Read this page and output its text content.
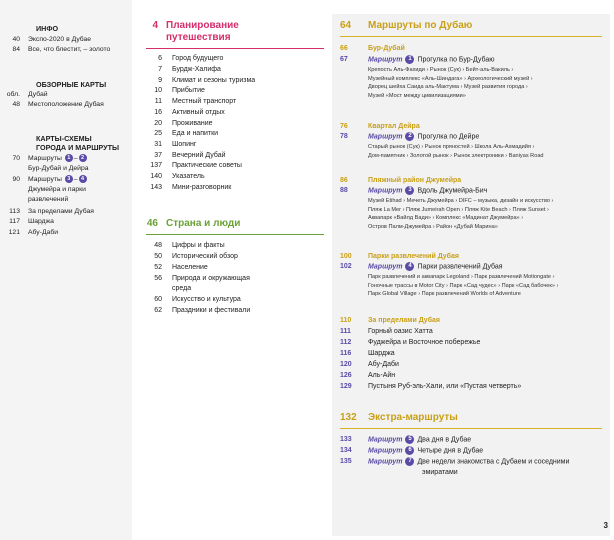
ИНФО
40	Экспо-2020 в Дубае
84	Все, что блестит, – золото
ОБЗОРНЫЕ КАРТЫ
обл.	Дубай
48	Местоположение Дубая
КАРТЫ-СХЕМЫ
ГОРОДА И МАРШРУТЫ
70	Маршруты 1 – 2
Бур-Дубай и Дейра
90	Маршруты 3 – 4
Джумейра и парки
развлечений
113	За пределами Дубая
117	Шарджа
121	Абу-Даби
4 Планирование
путешествия
6	Город будущего
7	Бурдж-Халифа
9	Климат и сезоны туризма
10	Прибытие
11	Местный транспорт
16	Активный отдых
20	Проживание
25	Еда и напитки
31	Шопинг
37	Вечерний Дубай
137	Практические советы
140	Указатель
143	Мини-разговорник
46 Страна и люди
48	Цифры и факты
50	Исторический обзор
52	Население
56	Природа и окружающая
среда
60	Искусство и культура
62	Праздники и фестивали
64	Маршруты по Дубаю
66	Бур-Дубай
67	Маршрут 1 Прогулка по Бур-Дубаю
Крепость Аль-Фахиди › Рынок (Сук) › Бейт-аль-Вакиль ›
Музейный комплекс «Аль-Шиндага» › Археологический музей ›
Дворец шейха Саида аль-Мактума › Музей развития города ›
Музей «Мост между цивилизациями»
76	Квартал Дейра
78	Маршрут 2 Прогулка по Дейре
Старый рынок (Сук) › Рынок пряностей › Школа Аль-Ахмадийя ›
Дом-памятник › Золотой рынок › Рынок электроники › Baniyas Road
86	Пляжный район Джумейра
88	Маршрут 3 Вдоль Джумейра-Бич
Музей Etihad › Мечеть Джумейра › DIFC – музыка, дизайн и искусство ›
Пляж La Mer › Пляж Jumeirah Open › Пляж Kite Beach › Пляж Sunset ›
Аквапарк «Вайлд Вади» › Комплекс «Мадинат Джумейра» ›
Остров Палм-Джумейра › Район «Дубай Марина»
100	Парки развлечений Дубая
102	Маршрут 4 Парки развлечений Дубая
Парк развлечений и аквапарк Legoland › Парк развлечений Motiongate ›
Гоночные трассы в Motor City › Парк «Сад чудес» › Парк «Сад бабочек» ›
Парк Global Village › Парк развлечений Worlds of Adventure
110	За пределами Дубая
111	Горный оазис Хатта
112	Фуджейра и Восточное побережье
116	Шарджа
120	Абу-Даби
126	Аль-Айн
129	Пустыня Руб-эль-Хали, или «Пустая четверть»
132	Экстра-маршруты
133	Маршрут 5 Два дня в Дубае
134	Маршрут 6 Четыре дня в Дубае
135	Маршрут 7 Две недели знакомства с Дубаем и соседними
эмиратами
3
